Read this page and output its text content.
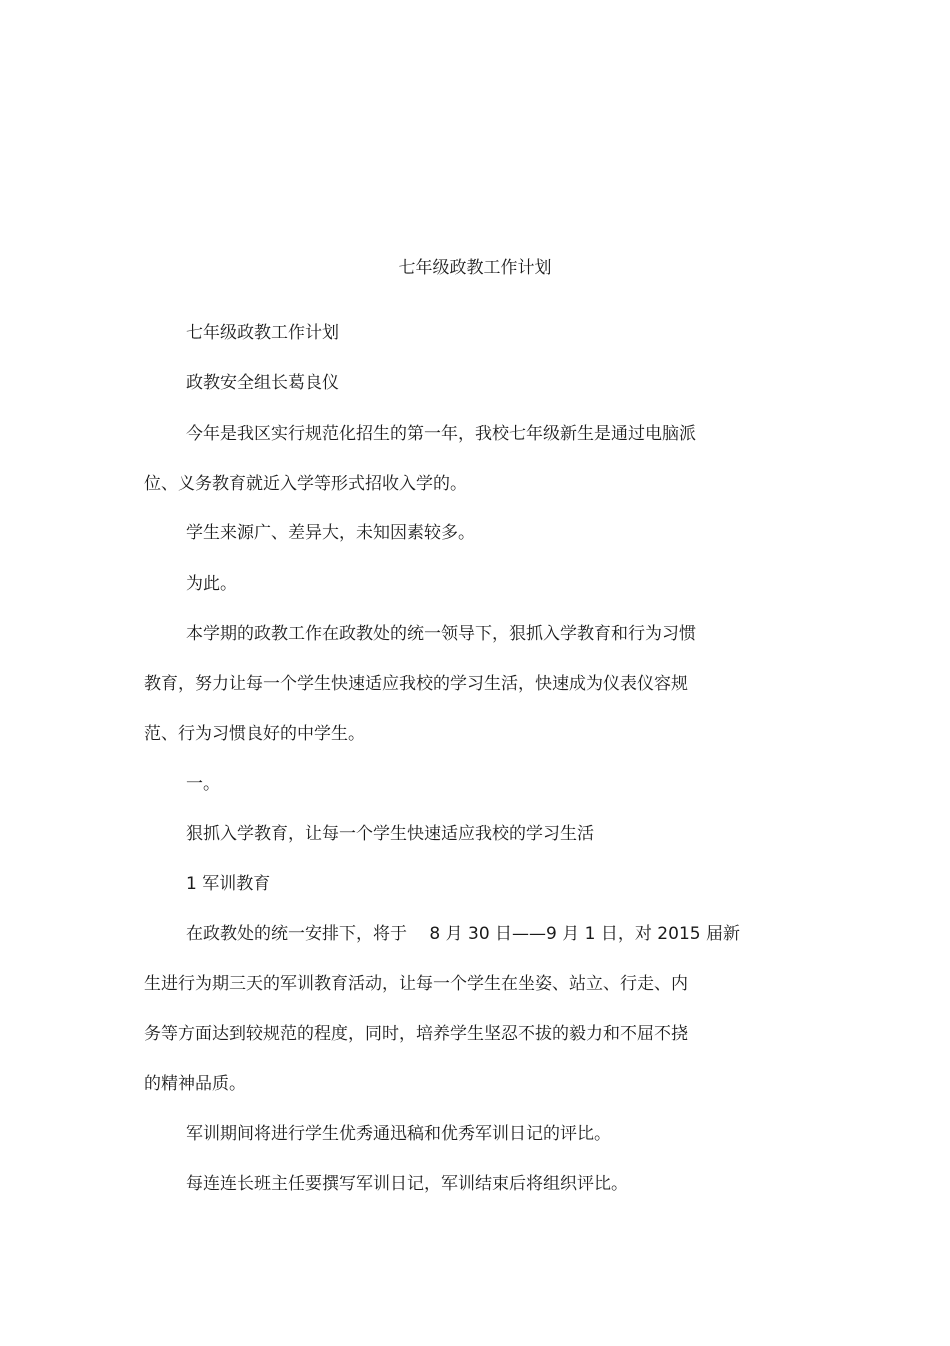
七年级政教工作计划
七年级政教工作计划
政教安全组长葛良仪
今年是我区实行规范化招生的第一年，我校七年级新生是通过电脑派
位、义务教育就近入学等形式招收入学的。
学生来源广、差异大，未知因素较多。
为此。
本学期的政教工作在政教处的统一领导下，狠抓入学教育和行为习惯
教育，努力让每一个学生快速适应我校的学习生活，快速成为仪表仪容规
范、行为习惯良好的中学生。
一。
狠抓入学教育，让每一个学生快速适应我校的学习生活
1 军训教育
在政教处的统一安排下，将于　 8 月 30 日——9 月 1 日，对 2015 届新
生进行为期三天的军训教育活动，让每一个学生在坐姿、站立、行走、内
务等方面达到较规范的程度，同时，培养学生坚忍不拔的毅力和不屈不挠
的精神品质。
军训期间将进行学生优秀通迅稿和优秀军训日记的评比。
每连连长班主任要撰写军训日记，军训结束后将组织评比。
